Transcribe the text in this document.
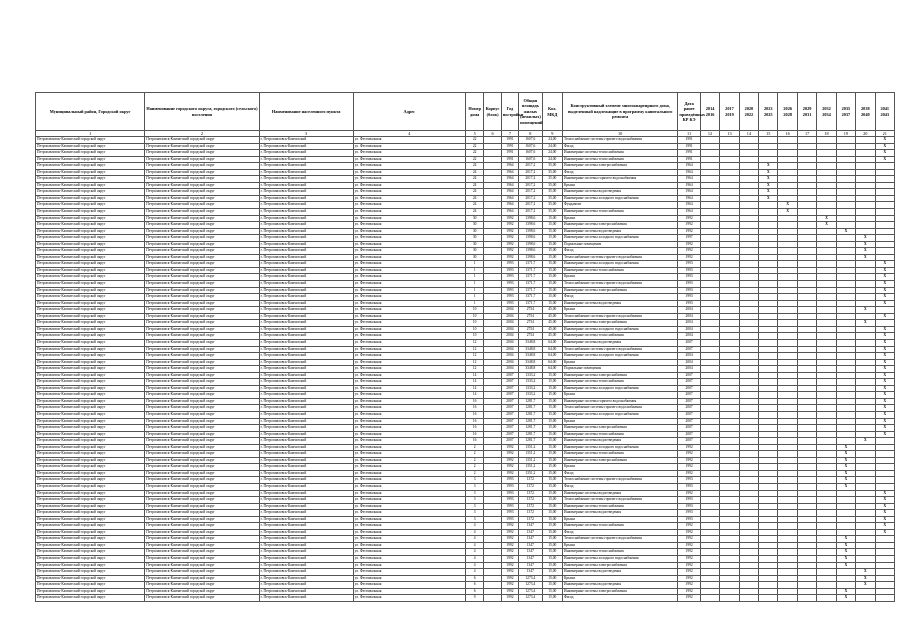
Муниципальный район, Городской округ	Наименование городского округа, городского (сельского) поселения	Наименование населенного пункта	Адрес	Номер дома	Корпус (блок)	Год постройки	Общая площадь жилых (нежилых) помещений	Кол. МКД	Конструктивный элемент многоквартирного дома, выделенный надлежащие в программу капитального ремонта	Дата ранее проведённых КР КЭ	2014 2016	2017 2019	2020 2022	2023 2025	2026 2028	2029 2031	2032 2034	2035 2037	2038 2040	2041 2043
1	2	3	4	5	6	7	8	9	10	11	12	13	14	15	16	17	18	19	20	21
Петропавловск-Камчатский городской округ	Петропавловск-Камчатский городской округ	г. Петропавловск-Камчатский	ул. Фестивальная	22		1991	1607,6	24,00	Теплоснабжение системы горячего водоснабжения	1991										X
Петропавловск-Камчатский городской округ	Петропавловск-Камчатский городской округ	г. Петропавловск-Камчатский	ул. Фестивальная	22		1991	1607,6	24,00	Фасад	1991										X
Петропавловск-Камчатский городской округ	Петропавловск-Камчатский городской округ	г. Петропавловск-Камчатский	ул. Фестивальная	22		1991	1607,6	24,00	Инженерные системы теплоснабжения	1991										X
Петропавловск-Камчатский городской округ	Петропавловск-Камчатский городской округ	г. Петропавловск-Камчатский	ул. Фестивальная	22		1991	1607,6	24,00	Инженерные системы теплоснабжения	1991										X
Петропавловск-Камчатский городской округ	Петропавловск-Камчатский городской округ	г. Петропавловск-Камчатский	ул. Фестивальная	24		1964	2017,2	35,00	Инженерные системы электроснабжения	1964				X						
Петропавловск-Камчатский городской округ	Петропавловск-Камчатский городской округ	г. Петропавловск-Камчатский	ул. Фестивальная	24		1964	2017,2	35,00	Фасад	1964				X						
Петропавловск-Камчатский городской округ	Петропавловск-Камчатский городской округ	г. Петропавловск-Камчатский	ул. Фестивальная	24		1964	2017,2	35,00	Инженерные системы горячего водоснабжения	1964				X						
Петропавловск-Камчатский городской округ	Петропавловск-Камчатский городской округ	г. Петропавловск-Камчатский	ул. Фестивальная	24		1964	2017,2	35,00	Крыша	1964				X						
Петропавловск-Камчатский городской округ	Петропавловск-Камчатский городской округ	г. Петропавловск-Камчатский	ул. Фестивальная	24		1964	2017,2	35,00	Инженерные системы водоотведения	1964				X						
Петропавловск-Камчатский городской округ	Петропавловск-Камчатский городской округ	г. Петропавловск-Камчатский	ул. Фестивальная	24		1964	2017,2	35,00	Инженерные системы холодного водоснабжения	1964				X						
Петропавловск-Камчатский городской округ	Петропавловск-Камчатский городской округ	г. Петропавловск-Камчатский	ул. Фестивальная	24		1964	2017,2	35,00	Фундамент	1964					X					
Петропавловск-Камчатский городской округ	Петропавловск-Камчатский городской округ	г. Петропавловск-Камчатский	ул. Фестивальная	24		1964	2017,2	35,00	Инженерные системы теплоснабжения	1964					X					
Петропавловск-Камчатский городской округ	Петропавловск-Камчатский городской округ	г. Петропавловск-Камчатский	ул. Фестивальная	30		1992	1398,6	15,00	Крыша	1992							X			
Петропавловск-Камчатский городской округ	Петропавловск-Камчатский городской округ	г. Петропавловск-Камчатский	ул. Фестивальная	30		1992	1398,6	15,00	Инженерные системы электроснабжения	1992							X			
Петропавловск-Камчатский городской округ	Петропавловск-Камчатский городской округ	г. Петропавловск-Камчатский	ул. Фестивальная	30		1992	1398,6	15,00	Инженерные системы водоотведения	1992								X		
Петропавловск-Камчатский городской округ	Петропавловск-Камчатский городской округ	г. Петропавловск-Камчатский	ул. Фестивальная	30		1992	1398,6	15,00	Инженерные системы холодного водоснабжения	1997									X	
Петропавловск-Камчатский городской округ	Петропавловск-Камчатский городской округ	г. Петропавловск-Камчатский	ул. Фестивальная	30		1992	1398,6	15,00	Подвальные помещения	1992									X	
Петропавловск-Камчатский городской округ	Петропавловск-Камчатский городской округ	г. Петропавловск-Камчатский	ул. Фестивальная	30		1992	1398,6	15,00	Фасад	1992									X	
Петропавловск-Камчатский городской округ	Петропавловск-Камчатский городской округ	г. Петропавловск-Камчатский	ул. Фестивальная	30		1992	1398,6	15,00	Теплоснабжение системы горячего водоснабжения	1992									X	
Петропавловск-Камчатский городской округ	Петропавловск-Камчатский городской округ	г. Петропавловск-Камчатский	ул. Фестивальная	1		1993	1371,7	15,00	Инженерные системы холодного водоснабжения	1993										X
Петропавловск-Камчатский городской округ	Петропавловск-Камчатский городской округ	г. Петропавловск-Камчатский	ул. Фестивальная	1		1993	1371,7	15,00	Инженерные системы теплоснабжения	1993										X
Петропавловск-Камчатский городской округ	Петропавловск-Камчатский городской округ	г. Петропавловск-Камчатский	ул. Фестивальная	1		1993	1371,7	15,00	Крыша	1993										X
Петропавловск-Камчатский городской округ	Петропавловск-Камчатский городской округ	г. Петропавловск-Камчатский	ул. Фестивальная	1		1993	1371,7	15,00	Теплоснабжение системы горячего водоснабжения	1993										X
Петропавловск-Камчатский городской округ	Петропавловск-Камчатский городской округ	г. Петропавловск-Камчатский	ул. Фестивальная	1		1993	1371,7	15,00	Инженерные системы электроснабжения	1993										X
Петропавловск-Камчатский городской округ	Петропавловск-Камчатский городской округ	г. Петропавловск-Камчатский	ул. Фестивальная	1		1993	1371,7	15,00	Фасад	1993										X
Петропавловск-Камчатский городской округ	Петропавловск-Камчатский городской округ	г. Петропавловск-Камчатский	ул. Фестивальная	1		1993	1371,7	15,00	Инженерные системы водоотведения	1993										X
Петропавловск-Камчатский городской округ	Петропавловск-Камчатский городской округ	г. Петропавловск-Камчатский	ул. Фестивальная	10		2004	2754	45,00	Крыша	2004									X	
Петропавловск-Камчатский городской округ	Петропавловск-Камчатский городской округ	г. Петропавловск-Камчатский	ул. Фестивальная	10		2004	2754	45,00	Теплоснабжение системы горячего водоснабжения	2004										X
Петропавловск-Камчатский городской округ	Петропавловск-Камчатский городской округ	г. Петропавловск-Камчатский	ул. Фестивальная	10		2004	2754	45,00	Инженерные системы электроснабжения	2004									X	
Петропавловск-Камчатский городской округ	Петропавловск-Камчатский городской округ	г. Петропавловск-Камчатский	ул. Фестивальная	10		2004	2754	45,00	Инженерные системы холодного водоснабжения	2004										X
Петропавловск-Камчатский городской округ	Петропавловск-Камчатский городской округ	г. Петропавловск-Камчатский	ул. Фестивальная	10		2004	2754	45,00	Инженерные системы теплоснабжения	2004										X
Петропавловск-Камчатский городской округ	Петропавловск-Камчатский городской округ	г. Петропавловск-Камчатский	ул. Фестивальная	12		2004	3348,8	64,00	Инженерные системы водоотведения	2007										X
Петропавловск-Камчатский городской округ	Петропавловск-Камчатский городской округ	г. Петропавловск-Камчатский	ул. Фестивальная	12		2004	3348,8	64,00	Теплоснабжение системы горячего водоснабжения	2007										X
Петропавловск-Камчатский городской округ	Петропавловск-Камчатский городской округ	г. Петропавловск-Камчатский	ул. Фестивальная	12		2004	3348,8	64,00	Инженерные системы холодного водоснабжения	2004										X
Петропавловск-Камчатский городской округ	Петропавловск-Камчатский городской округ	г. Петропавловск-Камчатский	ул. Фестивальная	12		2004	3348,8	64,00	Крыша	2004										X
Петропавловск-Камчатский городской округ	Петропавловск-Камчатский городской округ	г. Петропавловск-Камчатский	ул. Фестивальная	12		2004	3348,8	64,00	Подвальные помещения	2004										X
Петропавловск-Камчатский городской округ	Петропавловск-Камчатский городской округ	г. Петропавловск-Камчатский	ул. Фестивальная	14		2007	1333,2	15,00	Инженерные системы электроснабжения	2007										X
Петропавловск-Камчатский городской округ	Петропавловск-Камчатский городской округ	г. Петропавловск-Камчатский	ул. Фестивальная	14		2007	1333,2	15,00	Инженерные системы теплоснабжения	2007										X
Петропавловск-Камчатский городской округ	Петропавловск-Камчатский городской округ	г. Петропавловск-Камчатский	ул. Фестивальная	14		2007	1333,2	15,00	Инженерные системы холодного водоснабжения	2007										X
Петропавловск-Камчатский городской округ	Петропавловск-Камчатский городской округ	г. Петропавловск-Камчатский	ул. Фестивальная	14		2007	1333,2	15,00	Крыша	2007										X
Петропавловск-Камчатский городской округ	Петропавловск-Камчатский городской округ	г. Петропавловск-Камчатский	ул. Фестивальная	16		2007	1281,7	15,00	Инженерные системы горячего водоснабжения	2007										X
Петропавловск-Камчатский городской округ	Петропавловск-Камчатский городской округ	г. Петропавловск-Камчатский	ул. Фестивальная	16		2007	1281,7	15,00	Теплоснабжение системы горячего водоснабжения	2007										X
Петропавловск-Камчатский городской округ	Петропавловск-Камчатский городской округ	г. Петропавловск-Камчатский	ул. Фестивальная	16		2007	1281,7	15,00	Инженерные системы холодного водоснабжения	2007										X
Петропавловск-Камчатский городской округ	Петропавловск-Камчатский городской округ	г. Петропавловск-Камчатский	ул. Фестивальная	16		2007	1281,7	15,00	Крыша	2007										X
Петропавловск-Камчатский городской округ	Петропавловск-Камчатский городской округ	г. Петропавловск-Камчатский	ул. Фестивальная	16		2007	1281,7	15,00	Инженерные системы электроснабжения	2007										X
Петропавловск-Камчатский городской округ	Петропавловск-Камчатский городской округ	г. Петропавловск-Камчатский	ул. Фестивальная	16		2007	1281,7	15,00	Инженерные системы теплоснабжения	2007										X
Петропавловск-Камчатский городской округ	Петропавловск-Камчатский городской округ	г. Петропавловск-Камчатский	ул. Фестивальная	16		2007	1281,7	15,00	Инженерные системы водоотведения	2007									X	
Петропавловск-Камчатский городской округ	Петропавловск-Камчатский городской округ	г. Петропавловск-Камчатский	ул. Фестивальная	2		1992	1351,2	15,00	Инженерные системы холодного водоснабжения	1992								X		
Петропавловск-Камчатский городской округ	Петропавловск-Камчатский городской округ	г. Петропавловск-Камчатский	ул. Фестивальная	2		1992	1351,2	15,00	Инженерные системы теплоснабжения	1992								X		
Петропавловск-Камчатский городской округ	Петропавловск-Камчатский городской округ	г. Петропавловск-Камчатский	ул. Фестивальная	2		1992	1351,2	15,00	Инженерные системы электроснабжения	1992								X		
Петропавловск-Камчатский городской округ	Петропавловск-Камчатский городской округ	г. Петропавловск-Камчатский	ул. Фестивальная	2		1992	1351,2	15,00	Крыша	1992								X		
Петропавловск-Камчатский городской округ	Петропавловск-Камчатский городской округ	г. Петропавловск-Камчатский	ул. Фестивальная	2		1992	1351,2	15,00	Фасад	1992								X		
Петропавловск-Камчатский городской округ	Петропавловск-Камчатский городской округ	г. Петропавловск-Камчатский	ул. Фестивальная	3		1993	1372	15,00	Теплоснабжение системы горячего водоснабжения	1993								X		
Петропавловск-Камчатский городской округ	Петропавловск-Камчатский городской округ	г. Петропавловск-Камчатский	ул. Фестивальная	3		1993	1372	15,00	Фасад	1993								X		
Петропавловск-Камчатский городской округ	Петропавловск-Камчатский городской округ	г. Петропавловск-Камчатский	ул. Фестивальная	3		1993	1372	15,00	Инженерные системы водоотведения	1992										X
Петропавловск-Камчатский городской округ	Петропавловск-Камчатский городской округ	г. Петропавловск-Камчатский	ул. Фестивальная	3		1993	1372	15,00	Теплоснабжение системы горячего водоснабжения	1993										X
Петропавловск-Камчатский городской округ	Петропавловск-Камчатский городской округ	г. Петропавловск-Камчатский	ул. Фестивальная	3		1993	1372	15,00	Инженерные системы теплоснабжения	1993										X
Петропавловск-Камчатский городской округ	Петропавловск-Камчатский городской округ	г. Петропавловск-Камчатский	ул. Фестивальная	3		1993	1372	15,00	Инженерные системы водоотведения	1993										X
Петропавловск-Камчатский городской округ	Петропавловск-Камчатский городской округ	г. Петропавловск-Камчатский	ул. Фестивальная	3		1993	1372	15,00	Крыша	1993										X
Петропавловск-Камчатский городской округ	Петропавловск-Камчатский городской округ	г. Петропавловск-Камчатский	ул. Фестивальная	4		1992	1347	15,00	Инженерные системы теплоснабжения	1992										X
Петропавловск-Камчатский городской округ	Петропавловск-Камчатский городской округ	г. Петропавловск-Камчатский	ул. Фестивальная	4		1992	1347	15,00	Фасад	1992										X
Петропавловск-Камчатский городской округ	Петропавловск-Камчатский городской округ	г. Петропавловск-Камчатский	ул. Фестивальная	4		1992	1347	15,00	Теплоснабжение системы горячего водоснабжения	1992								X		
Петропавловск-Камчатский городской округ	Петропавловск-Камчатский городской округ	г. Петропавловск-Камчатский	ул. Фестивальная	4		1992	1347	15,00	Крыша	1992								X		
Петропавловск-Камчатский городской округ	Петропавловск-Камчатский городской округ	г. Петропавловск-Камчатский	ул. Фестивальная	4		1992	1347	15,00	Инженерные системы теплоснабжения	1992								X		
Петропавловск-Камчатский городской округ	Петропавловск-Камчатский городской округ	г. Петропавловск-Камчатский	ул. Фестивальная	4		1992	1347	15,00	Инженерные системы холодного водоснабжения	1992								X		
Петропавловск-Камчатский городской округ	Петропавловск-Камчатский городской округ	г. Петропавловск-Камчатский	ул. Фестивальная	4		1992	1347	15,00	Инженерные системы электроснабжения	1992								X		
Петропавловск-Камчатский городской округ	Петропавловск-Камчатский городской округ	г. Петропавловск-Камчатский	ул. Фестивальная	4		1992	1347	15,00	Инженерные системы водоотведения	1992									X	
Петропавловск-Камчатский городской округ	Петропавловск-Камчатский городской округ	г. Петропавловск-Камчатский	ул. Фестивальная	6		1992	1273,4	15,00	Крыша	1992									X	
Петропавловск-Камчатский городской округ	Петропавловск-Камчатский городской округ	г. Петропавловск-Камчатский	ул. Фестивальная	6		1992	1273,4	15,00	Инженерные системы водоотведения	1992									X	
Петропавловск-Камчатский городской округ	Петропавловск-Камчатский городской округ	г. Петропавловск-Камчатский	ул. Фестивальная	6		1992	1273,4	15,00	Инженерные системы электроснабжения	1992								X		
Петропавловск-Камчатский городской округ	Петропавловск-Камчатский городской округ	г. Петропавловск-Камчатский	ул. Фестивальная	9		1992	1273,4	15,00	Фасад	1992								X		
